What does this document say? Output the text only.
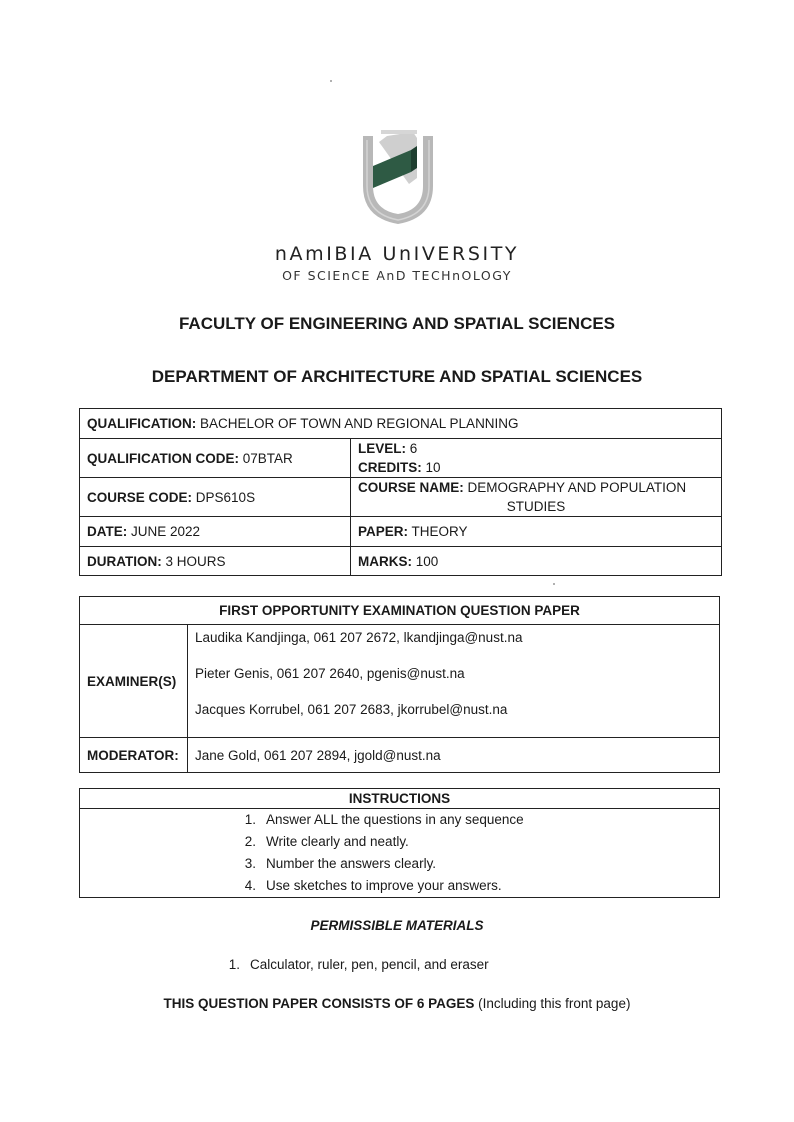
nAmIBIA UnIVERSITY
OF SCIEnCE AnD TECHnOLOGY
FACULTY OF ENGINEERING AND SPATIAL SCIENCES
DEPARTMENT OF ARCHITECTURE AND SPATIAL SCIENCES
QUALIFICATION: BACHELOR OF TOWN AND REGIONAL PLANNING	
QUALIFICATION CODE: 07BTAR	LEVEL: 6
CREDITS: 10

COURSE CODE: DPS610S	COURSE NAME: DEMOGRAPHY AND POPULATION
STUDIES

DATE: JUNE 2022	PAPER: THEORY
DURATION: 3 HOURS	MARKS: 100
FIRST OPPORTUNITY EXAMINATION QUESTION PAPER	
EXAMINER(S)	Laudika Kandjinga, 061 207 2672, lkandjinga@nust.na
Pieter Genis, 061 207 2640, pgenis@nust.na
Jacques Korrubel, 061 207 2683, jkorrubel@nust.na

MODERATOR:	Jane Gold, 061 207 2894, jgold@nust.na
INSTRUCTIONS

1. Answer ALL the questions in any sequence
2. Write clearly and neatly.
3. Number the answers clearly.
4. Use sketches to improve your answers.
PERMISSIBLE MATERIALS
1. Calculator, ruler, pen, pencil, and eraser
THIS QUESTION PAPER CONSISTS OF 6 PAGES (Including this front page)
